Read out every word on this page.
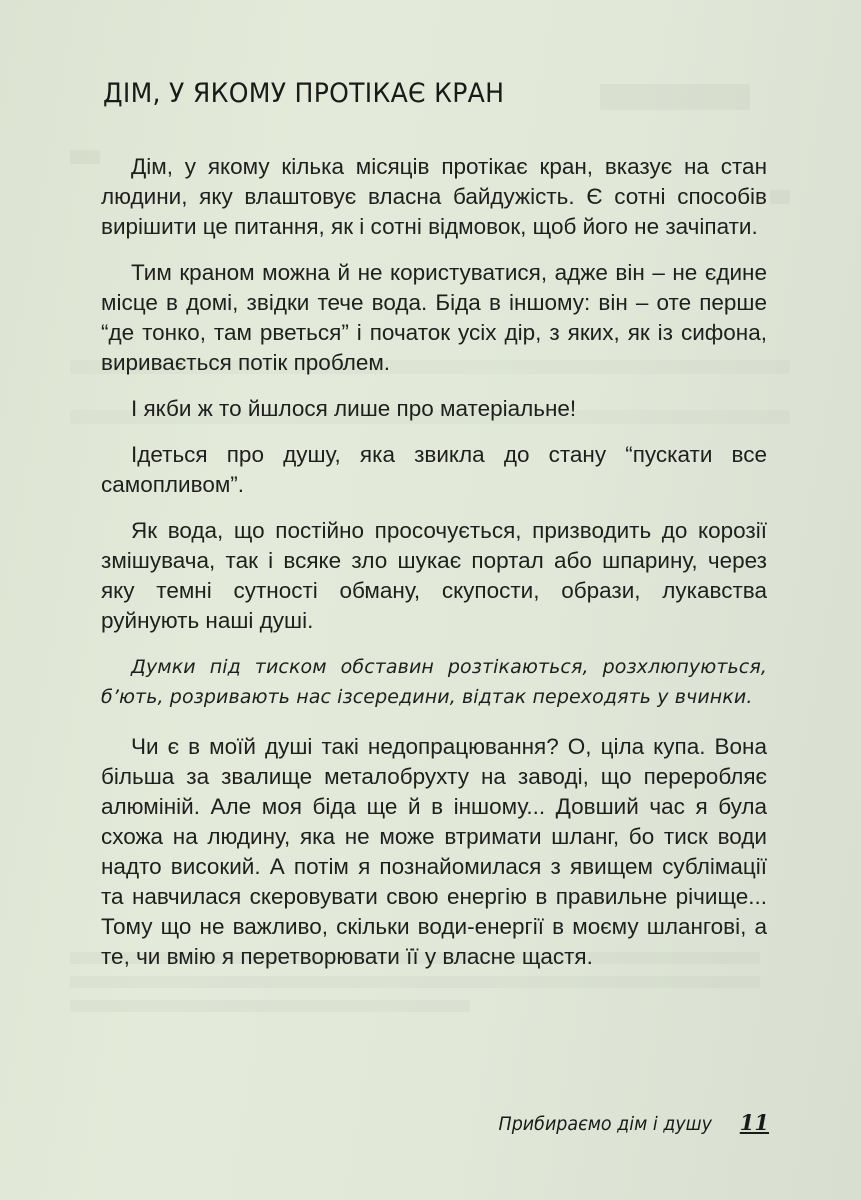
ДІМ, У ЯКОМУ ПРОТІКАЄ КРАН

Дім, у якому кілька місяців протікає кран, вказує на стан людини, яку влаштовує власна байдужість. Є сотні способів вирішити це питання, як і сотні відмовок, щоб його не зачіпати.

Тим краном можна й не користуватися, адже він – не єдине місце в домі, звідки тече вода. Біда в іншому: він – оте перше “де тонко, там рветься” і початок усіх дір, з яких, як із сифона, виривається потік проблем.

І якби ж то йшлося лише про матеріальне!

Ідеться про душу, яка звикла до стану “пускати все самопливом”.

Як вода, що постійно просочується, призводить до корозії змішувача, так і всяке зло шукає портал або шпарину, через яку темні сутності обману, скупости, образи, лукавства руйнують наші душі.

Думки під тиском обставин розтікаються, розхлюпуються, б’ють, розривають нас ізсередини, відтак переходять у вчинки.

Чи є в моїй душі такі недопрацювання? О, ціла купа. Вона більша за звалище металобрухту на заводі, що переробляє алюміній. Але моя біда ще й в іншому... Довший час я була схожа на людину, яка не може втримати шланг, бо тиск води надто високий. А потім я познайомилася з явищем сублімації та навчилася скеровувати свою енергію в правильне річище... Тому що не важливо, скільки води-енергії в моєму шлангові, а те, чи вмію я перетворювати її у власне щастя.

Прибираємо дім і душу 11
